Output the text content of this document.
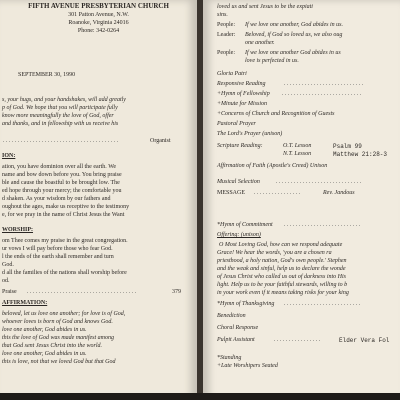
FIFTH AVENUE PRESBYTERIAN CHURCH
301 Patton Avenue, N.W.
Roanoke, Virginia 24016
Phone: 342-0264
SEPTEMBER 30, 1990
s, your hugs, and your handshakes, will add greatly
p of God. We hope that you will participate fully
know more meaningfully the love of God, offer
and thanks, and in fellowship with us receive his
.......................................	Organist
ION:
ation, you have dominion over all the earth. We
name and bow down before you. You bring praise
ble and cause the boastful to be brought low. The
ed hope through your mercy; the comfortable you
d shaken. As your wisdom by our fathers and
oughout the ages, make us receptive to the testimony
e, for we pray in the name of Christ Jesus the Want
WORSHIP:
om Thee comes my praise in the great congregation.
ur vows I will pay before those who fear God.
l the ends of the earth shall remember and turn
God.
d all the families of the nations shall worship before
od.
Praise .....................................	379
AFFIRMATION:
beloved, let us love one another; for love is of God,
whoever loves is born of God and knows God.
love one another, God abides in us.
this the love of God was made manifest among
that God sent Jesus Christ into the world.
love one another, God abides in us.
this is love, not that we loved God but that God
loved us and sent Jesus to be the expiati
sins.
People: If we love one another, God abides in us.
Leader: Beloved, if God so loved us, we also oug
one another.
People: If we love one another God abides in us
love is perfected in us.
Gloria Patri
Responsive Reading	...........................
+Hymn of Fellowship ...........................
+Minute for Mission
+Concerns of Church and Recognition of Guests
Pastoral Prayer
The Lord's Prayer (unison)
Scripture Reading:	O.T. Lesson	Psalm 99
N.T. Lesson	Matthew 21:28-3
Affirmation of Faith (Apostle's Creed) Unison
Musical Selection	.............................
MESSAGE ................	Rev. Jandous
*Hymn of Commitment ..........................
Offering: (unison)
O Most Loving God, how can we respond adequate
Grace! We hear the words, 'you are a chosen ra
priesthood, a holy nation, God's own people.' Stephen
and the weak and sinful, help us to declare the wonde
of Jesus Christ who called us out of darkness into His
light. Help us to be your faithful stewards, willing to b
in your work even if it means taking risks for your king
*Hymn of Thanksgiving ..........................
Benediction
Choral Response
Pulpit Assistant	................	Elder Vera Fol
*Standing
+Late Worshipers Seated
